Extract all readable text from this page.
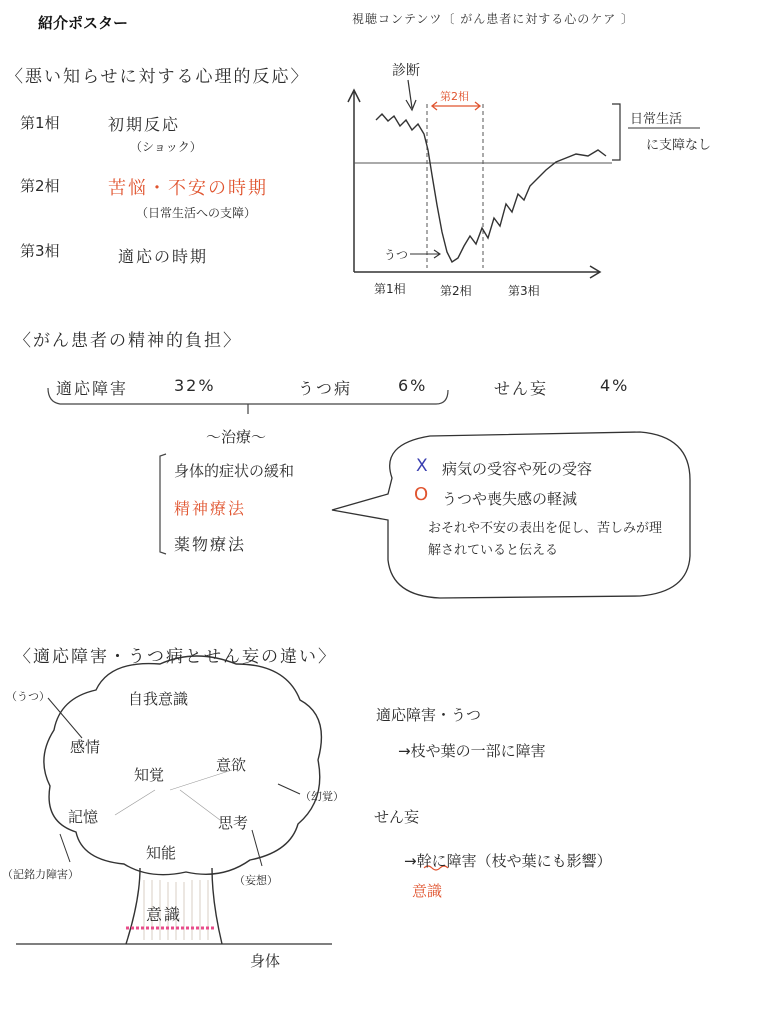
紹介ポスター	視聴コンテンツ〔 がん患者に対する心のケア 〕
〈悪い知らせに対する心理的反応〉
第1相	初期反応
（ショック）
第2相	苦悩・不安の時期
（日常生活への支障）
第3相	適応の時期
診断
第2相
うつ
第1相	第2相	第3相
日常生活
に支障なし
〈がん患者の精神的負担〉
適応障害	32%	うつ病	6%	せん妄	4%
〜治療〜
身体的症状の緩和
精神療法
薬物療法
X 病気の受容や死の受容
O うつや喪失感の軽減
おそれや不安の表出を促し、苦しみが理解されていると伝える
〈適応障害・うつ病とせん妄の違い〉
自我意識
感情
知覚
意欲
記憶	思考
知能
意識
身体
（うつ）
（幻覚）
（記銘力障害）	（妄想）
適応障害・うつ
→枝や葉の一部に障害
せん妄
→幹に障害（枝や葉にも影響）
意識
